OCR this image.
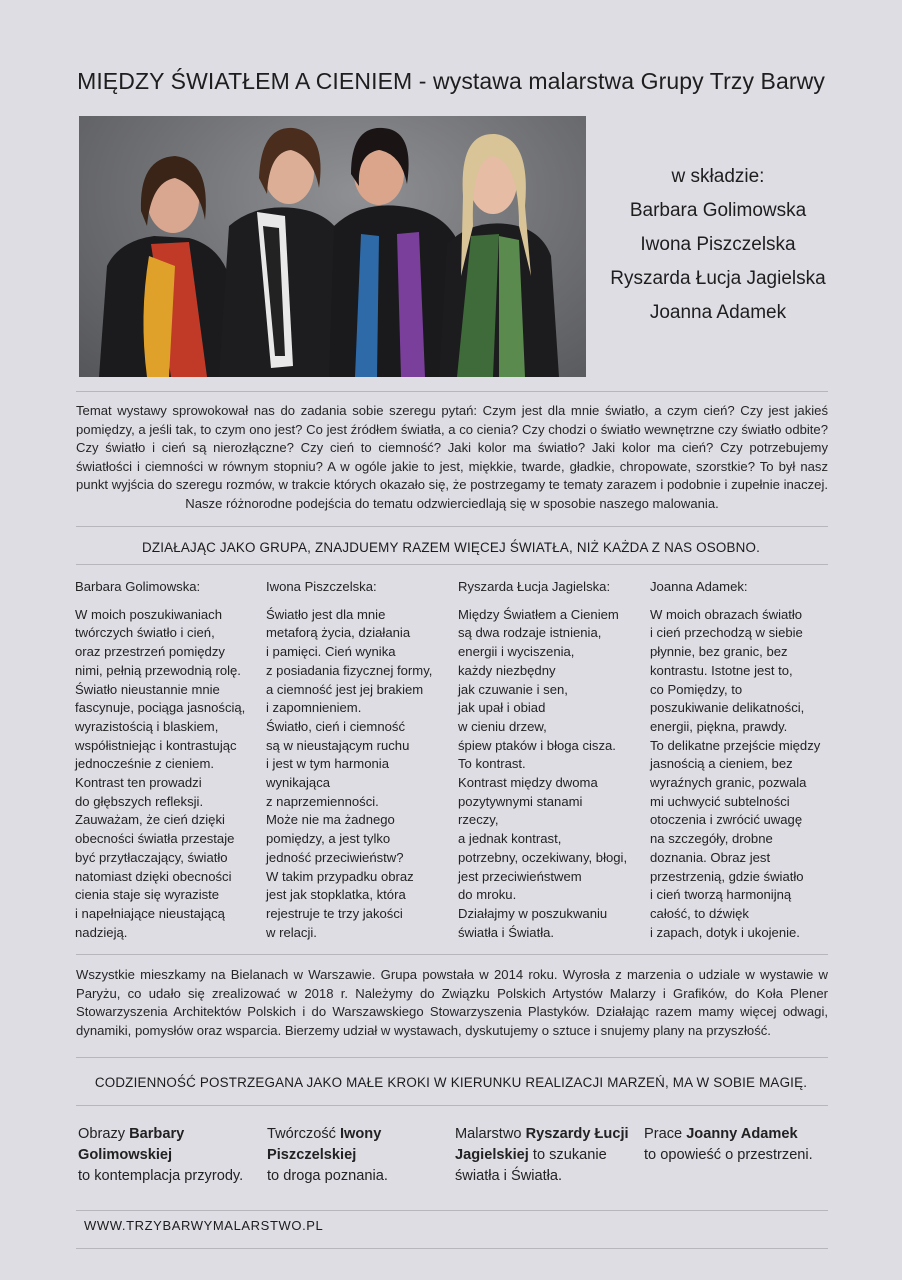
MIĘDZY ŚWIATŁEM A CIENIEM - wystawa malarstwa Grupy Trzy Barwy
w składzie:
Barbara Golimowska
Iwona Piszczelska
Ryszarda Łucja Jagielska
Joanna Adamek
Temat wystawy sprowokował nas do zadania sobie szeregu pytań: Czym jest dla mnie światło, a czym cień? Czy jest jakieś pomiędzy, a jeśli tak, to czym ono jest? Co jest źródłem światła, a co cienia? Czy chodzi o światło wewnętrzne czy światło odbite? Czy światło i cień są nierozłączne? Czy cień to ciemność? Jaki kolor ma światło? Jaki kolor ma cień? Czy potrzebujemy światłości i ciemności w równym stopniu? A w ogóle jakie to jest, miękkie, twarde, gładkie, chropowate, szorstkie? To był nasz punkt wyjścia do szeregu rozmów, w trakcie których okazało się, że postrzegamy te tematy zarazem i podobnie i zupełnie inaczej. Nasze różnorodne podejścia do tematu odzwierciedlają się w sposobie naszego malowania.
DZIAŁAJĄC JAKO GRUPA, ZNAJDUEMY RAZEM WIĘCEJ ŚWIATŁA, NIŻ KAŻDA Z NAS OSOBNO.
Barbara Golimowska:
W moich poszukiwaniach
twórczych światło i cień,
oraz przestrzeń pomiędzy
nimi, pełnią przewodnią rolę.
Światło nieustannie mnie
fascynuje, pociąga jasnością,
wyrazistością i blaskiem,
współistniejąc i kontrastując
jednocześnie z cieniem.
Kontrast ten prowadzi
do głębszych refleksji.
Zauważam, że cień dzięki
obecności światła przestaje
być przytłaczający, światło
natomiast dzięki obecności
cienia staje się wyraziste
i napełniające nieustającą
nadzieją.
Iwona Piszczelska:
Światło jest dla mnie
metaforą życia, działania
i pamięci. Cień wynika
z posiadania fizycznej formy,
a ciemność jest jej brakiem
i zapomnieniem.
Światło, cień i ciemność
są w nieustającym ruchu
i jest w tym harmonia
wynikająca
z naprzemienności.
Może nie ma żadnego
pomiędzy, a jest tylko
jedność przeciwieństw?
W takim przypadku obraz
jest jak stopklatka, która
rejestruje te trzy jakości
w relacji.
Ryszarda Łucja Jagielska:
Między Światłem a Cieniem
są dwa rodzaje istnienia,
energii i wyciszenia,
każdy niezbędny
jak czuwanie i sen,
jak upał i obiad
w cieniu drzew,
śpiew ptaków i błoga cisza.
To kontrast.
Kontrast między dwoma
pozytywnymi stanami
rzeczy,
a jednak kontrast,
potrzebny, oczekiwany, błogi,
jest przeciwieństwem
do mroku.
Działajmy w poszukwaniu
światła i Światła.
Joanna Adamek:
W moich obrazach światło
i cień przechodzą w siebie
płynnie, bez granic, bez
kontrastu. Istotne jest to,
co Pomiędzy, to
poszukiwanie delikatności,
energii, piękna, prawdy.
To delikatne przejście między
jasnością a cieniem, bez
wyraźnych granic, pozwala
mi uchwycić subtelności
otoczenia i zwrócić uwagę
na szczegóły, drobne
doznania. Obraz jest
przestrzenią, gdzie światło
i cień tworzą harmonijną
całość, to dźwięk
i zapach, dotyk i ukojenie.
Wszystkie mieszkamy na Bielanach w Warszawie. Grupa powstała w 2014 roku. Wyrosła z marzenia o udziale w wystawie w Paryżu, co udało się zrealizować w 2018 r. Należymy do Związku Polskich Artystów Malarzy i Grafików, do Koła Plener Stowarzyszenia Architektów Polskich i do Warszawskiego Stowarzyszenia Plastyków. Działając razem mamy więcej odwagi, dynamiki, pomysłów oraz wsparcia. Bierzemy udział w wystawach, dyskutujemy o sztuce i snujemy plany na przyszłość.
CODZIENNOŚĆ POSTRZEGANA JAKO MAŁE KROKI W KIERUNKU REALIZACJI MARZEŃ, MA W SOBIE MAGIĘ.
Obrazy Barbary Golimowskiej
to kontemplacja przyrody.
Twórczość Iwony Piszczelskiej
to droga poznania.
Malarstwo Ryszardy Łucji Jagielskiej to szukanie światła i Światła.
Prace Joanny Adamek
to opowieść o przestrzeni.
WWW.TRZYBARWYMALARSTWO.PL
